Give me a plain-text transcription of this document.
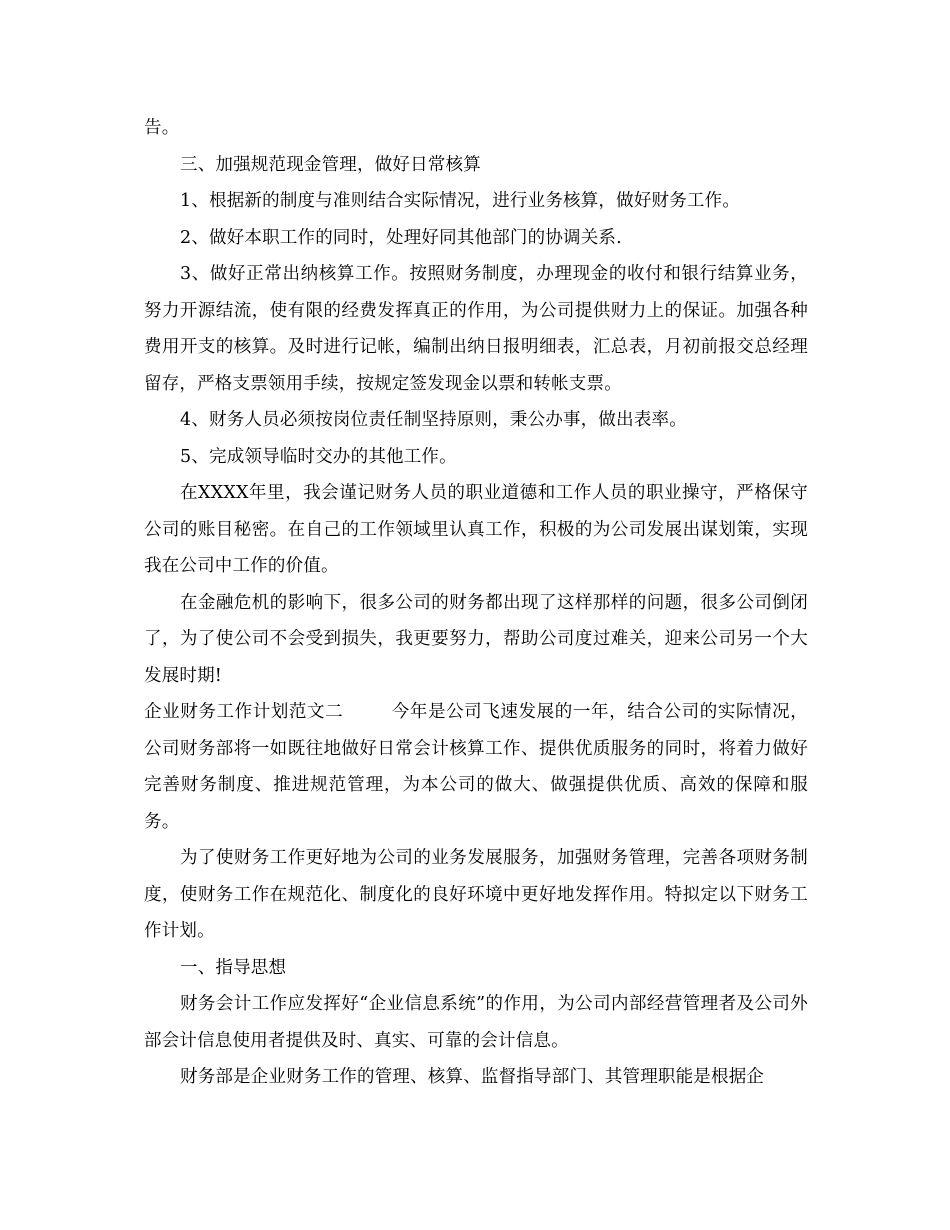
告。

三、加强规范现金管理，做好日常核算

1、根据新的制度与准则结合实际情况，进行业务核算，做好财务工作。

2、做好本职工作的同时，处理好同其他部门的协调关系.

3、做好正常出纳核算工作。按照财务制度，办理现金的收付和银行结算业务，努力开源结流，使有限的经费发挥真正的作用，为公司提供财力上的保证。加强各种费用开支的核算。及时进行记帐，编制出纳日报明细表，汇总表，月初前报交总经理留存，严格支票领用手续，按规定签发现金以票和转帐支票。

4、财务人员必须按岗位责任制坚持原则，秉公办事，做出表率。

5、完成领导临时交办的其他工作。

在XXXX年里，我会谨记财务人员的职业道德和工作人员的职业操守，严格保守公司的账目秘密。在自己的工作领域里认真工作，积极的为公司发展出谋划策，实现我在公司中工作的价值。

在金融危机的影响下，很多公司的财务都出现了这样那样的问题，很多公司倒闭了，为了使公司不会受到损失，我更要努力，帮助公司度过难关，迎来公司另一个大发展时期!

企业财务工作计划范文二	今年是公司飞速发展的一年，结合公司的实际情况，公司财务部将一如既往地做好日常会计核算工作、提供优质服务的同时，将着力做好完善财务制度、推进规范管理，为本公司的做大、做强提供优质、高效的保障和服务。

为了使财务工作更好地为公司的业务发展服务，加强财务管理，完善各项财务制度，使财务工作在规范化、制度化的良好环境中更好地发挥作用。特拟定以下财务工作计划。

一、指导思想

财务会计工作应发挥好“企业信息系统”的作用，为公司内部经营管理者及公司外部会计信息使用者提供及时、真实、可靠的会计信息。

财务部是企业财务工作的管理、核算、监督指导部门、其管理职能是根据企
